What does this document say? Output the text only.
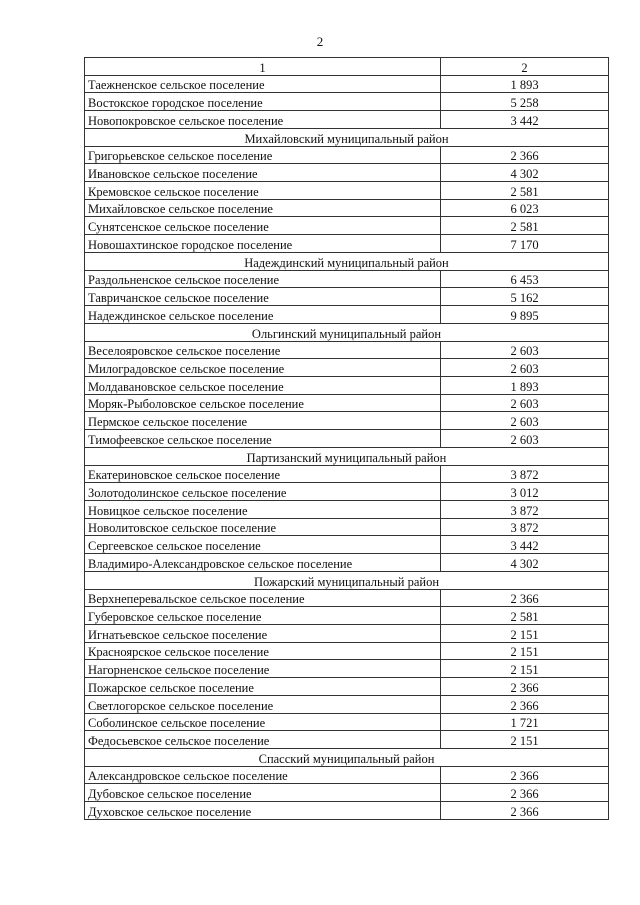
2
1	2
Таежненское сельское поселение	1 893
Востокское городское поселение	5 258
Новопокровское сельское поселение	3 442
Михайловский муниципальный район	
Григорьевское сельское поселение	2 366
Ивановское сельское поселение	4 302
Кремовское сельское поселение	2 581
Михайловское сельское поселение	6 023
Сунятсенское сельское поселение	2 581
Новошахтинское городское поселение	7 170
Надеждинский муниципальный район	
Раздольненское сельское поселение	6 453
Тавричанское сельское поселение	5 162
Надеждинское сельское поселение	9 895
Ольгинский муниципальный район	
Веселояровское сельское поселение	2 603
Милоградовское сельское поселение	2 603
Молдавановское сельское поселение	1 893
Моряк-Рыболовское сельское поселение	2 603
Пермское сельское поселение	2 603
Тимофеевское сельское поселение	2 603
Партизанский муниципальный район	
Екатериновское сельское поселение	3 872
Золотодолинское сельское поселение	3 012
Новицкое сельское поселение	3 872
Новолитовское сельское поселение	3 872
Сергеевское сельское поселение	3 442
Владимиро-Александровское сельское поселение	4 302
Пожарский муниципальный район	
Верхнеперевальское сельское поселение	2 366
Губеровское сельское поселение	2 581
Игнатьевское сельское поселение	2 151
Красноярское сельское поселение	2 151
Нагорненское сельское поселение	2 151
Пожарское сельское поселение	2 366
Светлогорское сельское поселение	2 366
Соболинское сельское поселение	1 721
Федосьевское сельское поселение	2 151
Спасский муниципальный район	
Александровское сельское поселение	2 366
Дубовское сельское поселение	2 366
Духовское сельское поселение	2 366
